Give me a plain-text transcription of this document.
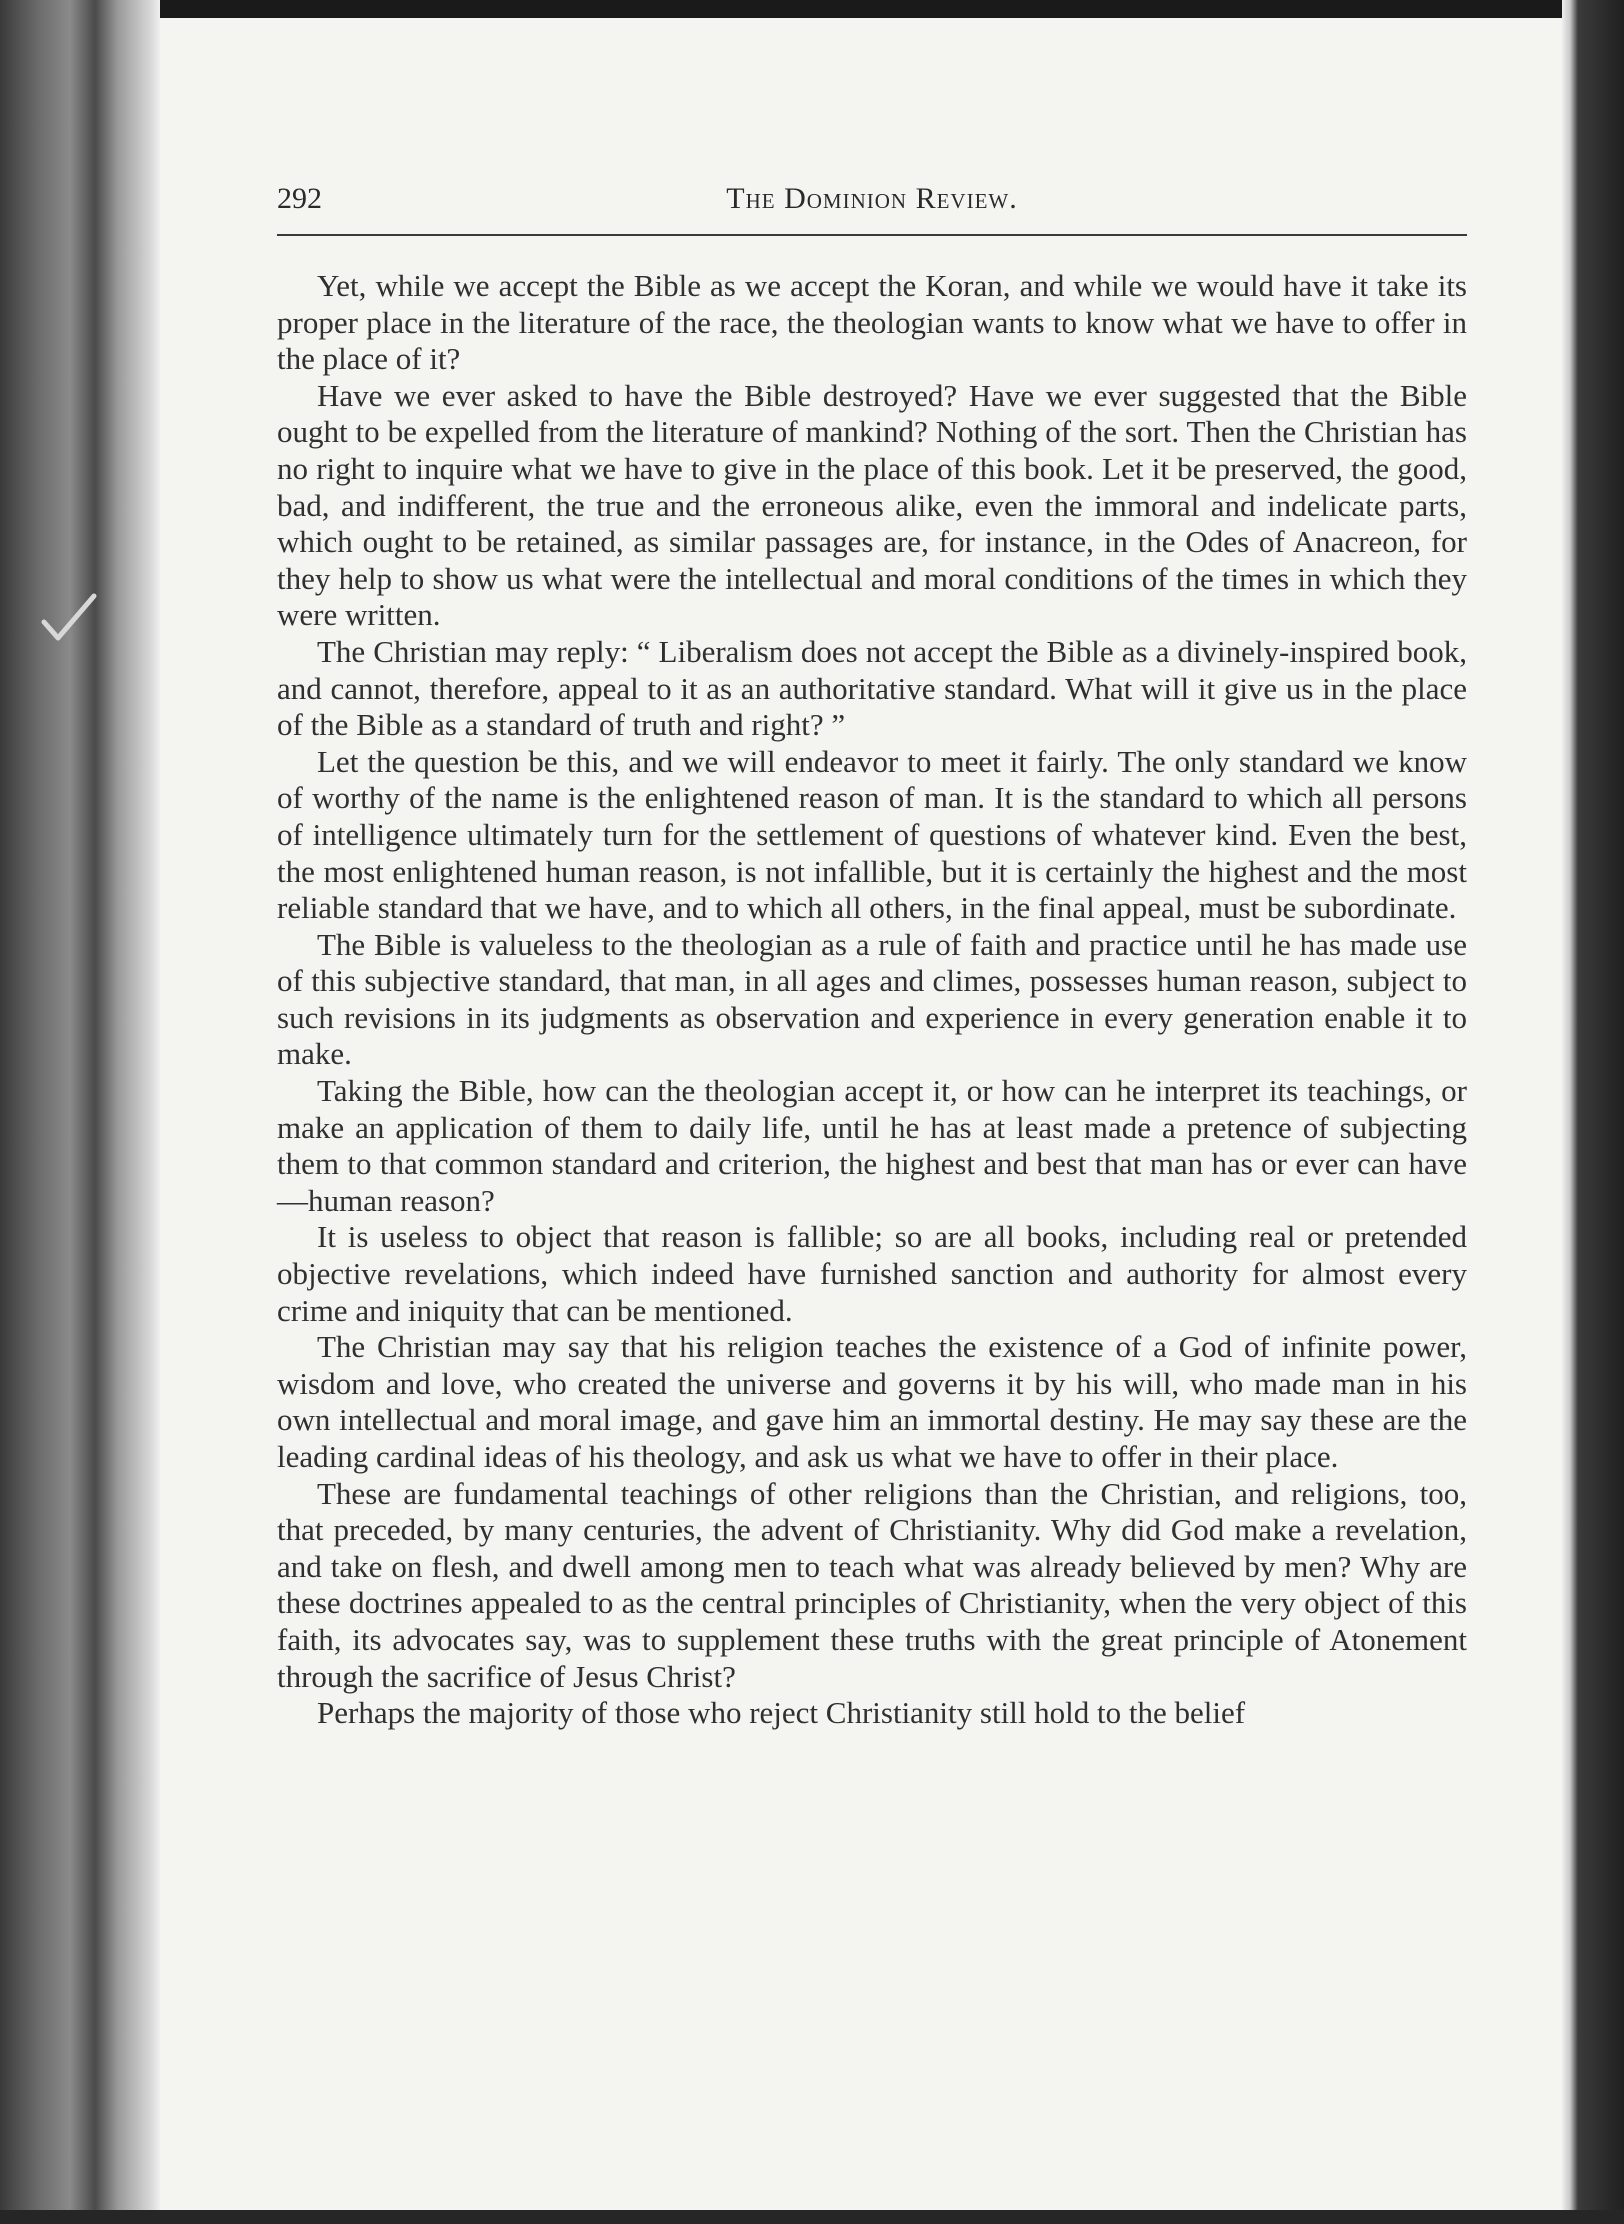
292	The Dominion Review.

Yet, while we accept the Bible as we accept the Koran, and while we would have it take its proper place in the literature of the race, the theologian wants to know what we have to offer in the place of it?

Have we ever asked to have the Bible destroyed? Have we ever suggested that the Bible ought to be expelled from the literature of mankind? Nothing of the sort. Then the Christian has no right to inquire what we have to give in the place of this book. Let it be preserved, the good, bad, and indifferent, the true and the erroneous alike, even the immoral and indelicate parts, which ought to be retained, as similar passages are, for instance, in the Odes of Anacreon, for they help to show us what were the intellectual and moral conditions of the times in which they were written.

The Christian may reply: “ Liberalism does not accept the Bible as a divinely-inspired book, and cannot, therefore, appeal to it as an authoritative standard. What will it give us in the place of the Bible as a standard of truth and right? ”

Let the question be this, and we will endeavor to meet it fairly. The only standard we know of worthy of the name is the enlightened reason of man. It is the standard to which all persons of intelligence ultimately turn for the settlement of questions of whatever kind. Even the best, the most enlightened human reason, is not infallible, but it is certainly the highest and the most reliable standard that we have, and to which all others, in the final appeal, must be subordinate.

The Bible is valueless to the theologian as a rule of faith and practice until he has made use of this subjective standard, that man, in all ages and climes, possesses human reason, subject to such revisions in its judgments as observation and experience in every generation enable it to make.

Taking the Bible, how can the theologian accept it, or how can he interpret its teachings, or make an application of them to daily life, until he has at least made a pretence of subjecting them to that common standard and criterion, the highest and best that man has or ever can have—human reason?

It is useless to object that reason is fallible; so are all books, including real or pretended objective revelations, which indeed have furnished sanction and authority for almost every crime and iniquity that can be mentioned.

The Christian may say that his religion teaches the existence of a God of infinite power, wisdom and love, who created the universe and governs it by his will, who made man in his own intellectual and moral image, and gave him an immortal destiny. He may say these are the leading cardinal ideas of his theology, and ask us what we have to offer in their place.

These are fundamental teachings of other religions than the Christian, and religions, too, that preceded, by many centuries, the advent of Christianity. Why did God make a revelation, and take on flesh, and dwell among men to teach what was already believed by men? Why are these doctrines appealed to as the central principles of Christianity, when the very object of this faith, its advocates say, was to supplement these truths with the great principle of Atonement through the sacrifice of Jesus Christ?

Perhaps the majority of those who reject Christianity still hold to the belief
